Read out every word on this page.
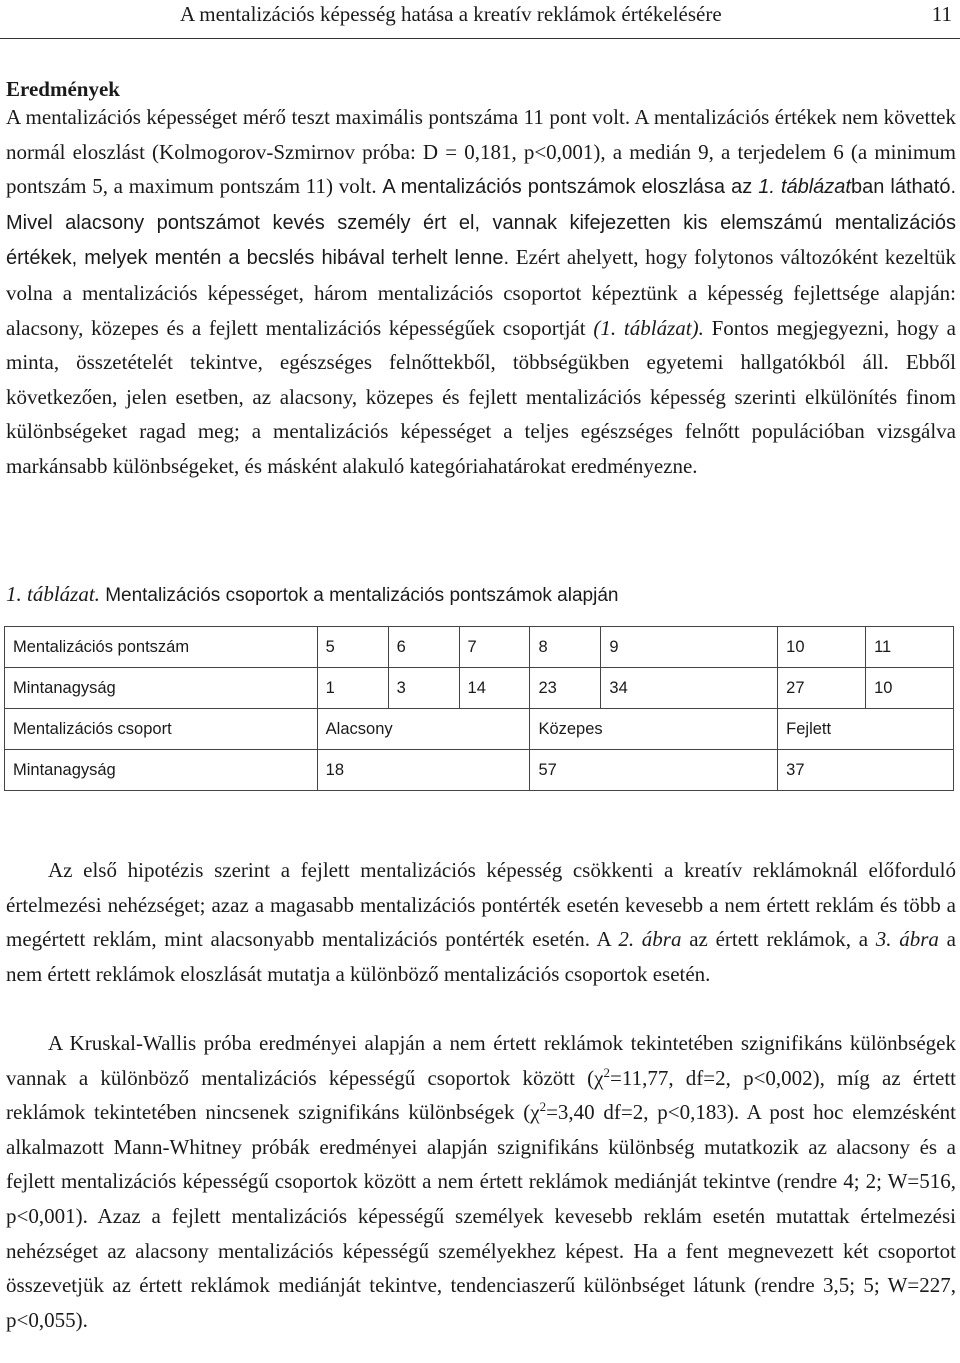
A mentalizációs képesség hatása a kreatív reklámok értékelésére	11
Eredmények

A mentalizációs képességet mérő teszt maximális pontszáma 11 pont volt. A mentalizációs értékek nem követtek normál eloszlást (Kolmogorov-Szmirnov próba: D = 0,181, p<0,001), a medián 9, a terjedelem 6 (a minimum pontszám 5, a maximum pontszám 11) volt. A mentalizációs pontszámok eloszlása az 1. táblázatban látható. Mivel alacsony pontszámot kevés személy ért el, vannak kifejezetten kis elemszámú mentalizációs értékek, melyek mentén a becslés hibával terhelt lenne. Ezért ahelyett, hogy folytonos változóként kezeltük volna a mentalizációs képességet, három mentalizációs csoportot képeztünk a képesség fejlettsége alapján: alacsony, közepes és a fejlett mentalizációs képességűek csoportját (1. táblázat). Fontos megjegyezni, hogy a minta, összetételét tekintve, egészséges felnőttekből, többségükben egyetemi hallgatókból áll. Ebből következően, jelen esetben, az alacsony, közepes és fejlett mentalizációs képesség szerinti elkülönítés finom különbségeket ragad meg; a mentalizációs képességet a teljes egészséges felnőtt populációban vizsgálva markánsabb különbségeket, és másként alakuló kategóriahatárokat eredményezne.

1. táblázat. Mentalizációs csoportok a mentalizációs pontszámok alapján
Mentalizációs pontszám	5	6	7	8	9	10	11
Mintanagyság	1	3	14	23	34	27	10
Mentalizációs csoport	Alacsony			Közepes		Fejlett	
Mintanagyság	18			57		37	

Az első hipotézis szerint a fejlett mentalizációs képesség csökkenti a kreatív reklámoknál előforduló értelmezési nehézséget; azaz a magasabb mentalizációs pontérték esetén kevesebb a nem értett reklám és több a megértett reklám, mint alacsonyabb mentalizációs pontérték esetén. A 2. ábra az értett reklámok, a 3. ábra a nem értett reklámok eloszlását mutatja a különböző mentalizációs csoportok esetén.

A Kruskal-Wallis próba eredményei alapján a nem értett reklámok tekintetében szignifikáns különbségek vannak a különböző mentalizációs képességű csoportok között ($\chi^2=11,77$, df=2, p<0,002), míg az értett reklámok tekintetében nincsenek szignifikáns különbségek ($\chi^2=3,40$ df=2, p<0,183). A post hoc elemzésként alkalmazott Mann-Whitney próbák eredményei alapján szignifikáns különbség mutatkozik az alacsony és a fejlett mentalizációs képességű csoportok között a nem értett reklámok mediánját tekintve (rendre 4; 2; W=516, p<0,001). Azaz a fejlett mentalizációs képességű személyek kevesebb reklám esetén mutattak értelmezési nehézséget az alacsony mentalizációs képességű személyekhez képest. Ha a fent megnevezett két csoportot összevetjük az értett reklámok mediánját tekintve, tendenciaszerű különbséget látunk (rendre 3,5; 5; W=227, p<0,055).
